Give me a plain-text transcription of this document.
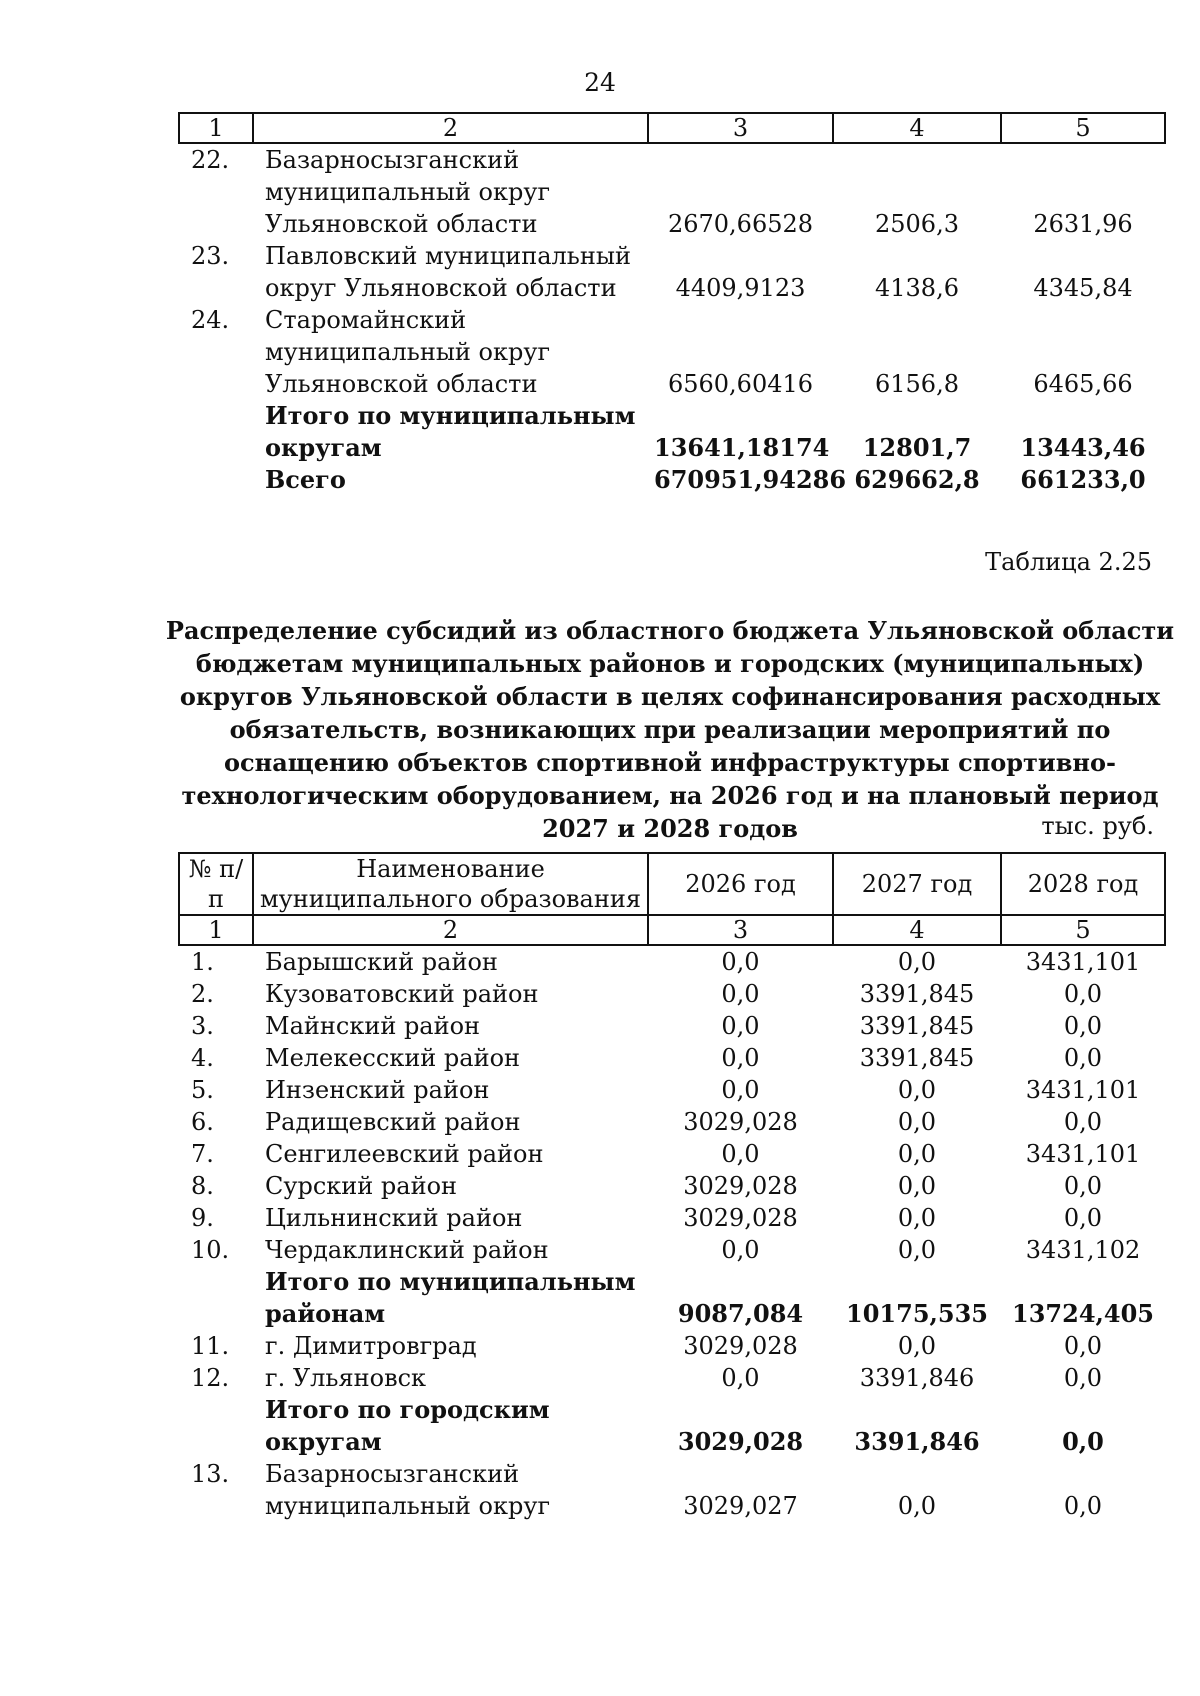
24
1	2	3	4	5
22.	Базарносызганский муниципальный округ Ульяновской области	2670,66528	2506,3	2631,96
23.	Павловский муниципальный округ Ульяновской области	4409,9123	4138,6	4345,84
24.	Старомайнский муниципальный округ Ульяновской области	6560,60416	6156,8	6465,66
	Итого по муниципальным округам	13641,18174	12801,7	13443,46
	Всего	670951,94286	629662,8	661233,0
Таблица 2.25
Распределение субсидий из областного бюджета Ульяновской области бюджетам муниципальных районов и городских (муниципальных) округов Ульяновской области в целях софинансирования расходных обязательств, возникающих при реализации мероприятий по оснащению объектов спортивной инфраструктуры спортивно-технологическим оборудованием, на 2026 год и на плановый период 2027 и 2028 годов	тыс. руб.
№ п/п	Наименование муниципального образования	2026 год	2027 год	2028 год
1	2	3	4	5
1.	Барышский район	0,0	0,0	3431,101
2.	Кузоватовский район	0,0	3391,845	0,0
3.	Майнский район	0,0	3391,845	0,0
4.	Мелекесский район	0,0	3391,845	0,0
5.	Инзенский район	0,0	0,0	3431,101
6.	Радищевский район	3029,028	0,0	0,0
7.	Сенгилеевский район	0,0	0,0	3431,101
8.	Сурский район	3029,028	0,0	0,0
9.	Цильнинский район	3029,028	0,0	0,0
10.	Чердаклинский район	0,0	0,0	3431,102
	Итого по муниципальным районам	9087,084	10175,535	13724,405
11.	г. Димитровград	3029,028	0,0	0,0
12.	г. Ульяновск	0,0	3391,846	0,0
	Итого по городским округам	3029,028	3391,846	0,0
13.	Базарносызганский муниципальный округ	3029,027	0,0	0,0
